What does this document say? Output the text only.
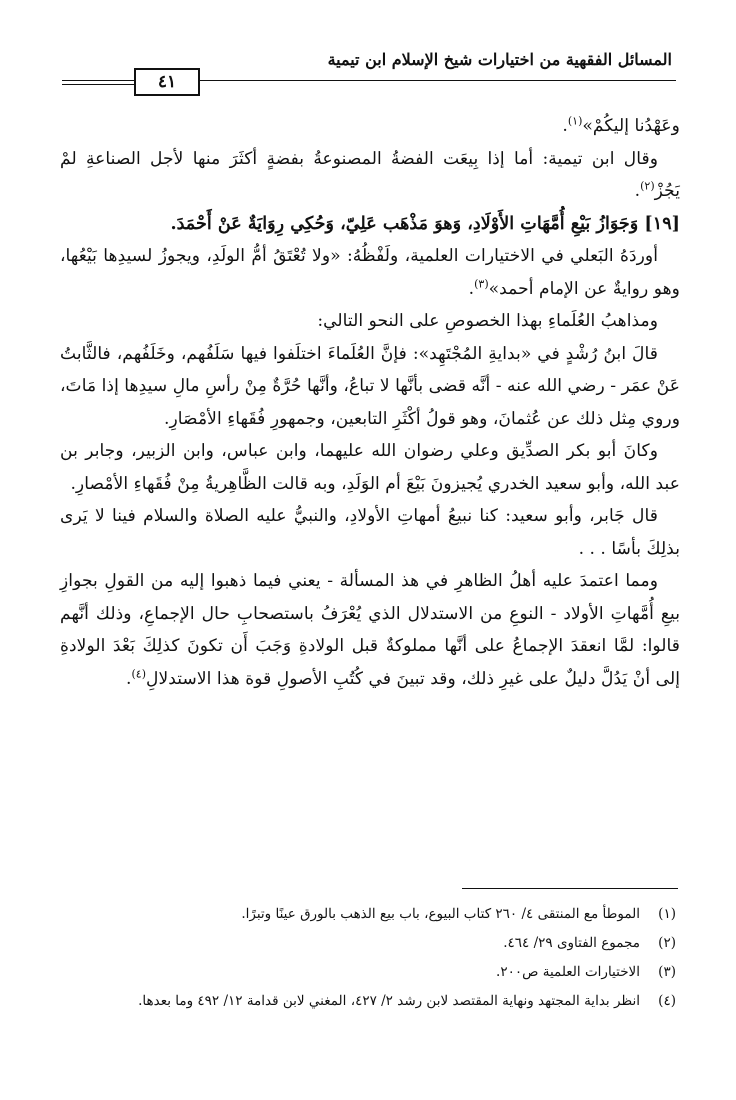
المسائل الفقهية من اختيارات شيخ الإسلام ابن تيمية
٤١

وعَهْدُنا إليكُمْ»$^{(١)}$.

وقال ابن تيمية: أما إذا بِيعَت الفضةُ المصنوعةُ بفضةٍ أكثَرَ منها لأجل الصناعةِ لمْ يَجُزْ$^{(٢)}$.

[١٩] وَجَوَازُ بَيْعِ أُمَّهَاتِ الأَوْلَادِ، وَهوَ مَذْهَب عَلِيّ، وَحُكِي رِوَايَةٌ عَنْ أَحْمَدَ.

أوردَهُ البَعلي في الاختيارات العلمية، ولَفْظُهُ: «ولا تُعْتَقُ أمُّ الولَدِ، ويجوزُ لسيدِها بَيْعُها، وهو روايةٌ عن الإمام أحمد»$^{(٣)}$.

ومذاهبُ العُلَماءِ بهذا الخصوصِ على النحو التالي:

قالَ ابنُ رُشْدٍ في «بدايةِ المُجْتَهِد»: فإنَّ العُلَماءَ اختلَفوا فيها سَلَفُهم، وخَلَفُهم، فالثَّابتُ عَنْ عمَر - رضي الله عنه - أنَّه قضى بأنَّها لا تباعُ، وأنَّها حُرَّةٌ مِنْ رأسِ مالِ سيدِها إذا مَاتَ، وروي مِثل ذلك عن عُثمانَ، وهو قولُ أكْثَرِ التابعين، وجمهورِ فُقَهاءِ الأمْصَارِ.

وكانَ أبو بكر الصدِّيق وعلي رضوان الله عليهما، وابن عباس، وابن الزبير، وجابر بن عبد الله، وأبو سعيد الخدري يُجيزونَ بَيْعَ أم الوَلَدِ، وبه قالت الظَّاهِريةُ مِنْ فُقَهاءِ الأمْصارِ.

قال جَابر، وأبو سعيد: كنا نبيعُ أمهاتِ الأولادِ، والنبيُّ عليه الصلاة والسلام فينا لا يَرى بذلِكَ بأسًا . . .

ومما اعتمدَ عليه أهلُ الظاهرِ في هذ المسألة - يعني فيما ذهبوا إليه من القولِ بجوازِ بيعِ أُمَّهاتِ الأولاد - النوعِ من الاستدلال الذي يُعْرَفُ باستصحابِ حال الإجماعِ، وذلك أنَّهم قالوا: لمَّا انعقدَ الإجماعُ على أنَّها مملوكةٌ قبل الولادةِ وَجَبَ أَن تكونَ كذلِكَ بَعْدَ الولادةِ إلى أنْ يَدُلَّ دليلٌ على غيرِ ذلك، وقد تبينَ في كُتُبِ الأصولِ قوة هذا الاستدلالِ$^{(٤)}$.

(١)
الموطأ مع المنتقى ٤/ ٢٦٠ كتاب البيوع، باب بيع الذهب بالورق عينًا وتبرًا.
(٢)
مجموع الفتاوى ٢٩/ ٤٦٤.
(٣)
الاختيارات العلمية ص٢٠٠.
(٤)
انظر بداية المجتهد ونهاية المقتصد لابن رشد ٢/ ٤٢٧، المغني لابن قدامة ١٢/ ٤٩٢ وما بعدها.
